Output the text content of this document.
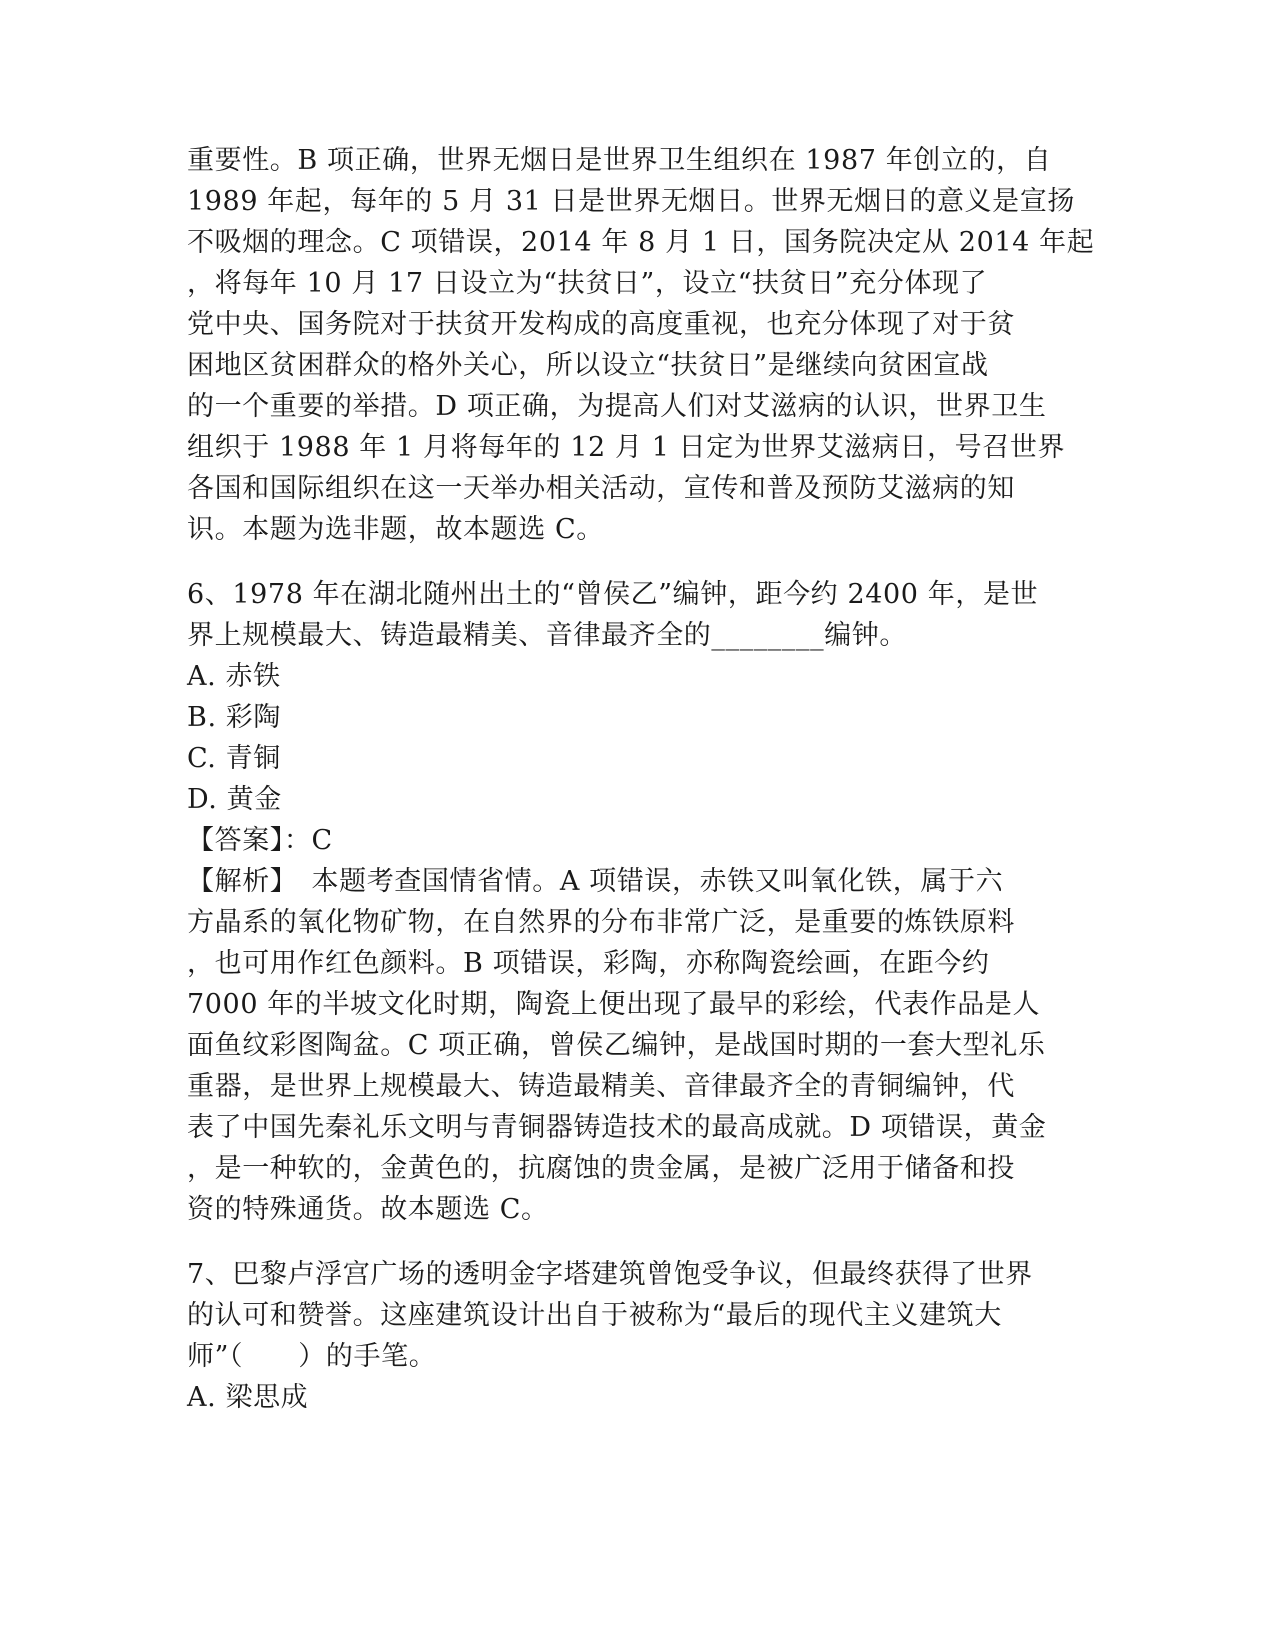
重要性。B 项正确，世界无烟日是世界卫生组织在 1987 年创立的，自
1989 年起，每年的 5 月 31 日是世界无烟日。世界无烟日的意义是宣扬
不吸烟的理念。C 项错误，2014 年 8 月 1 日，国务院决定从 2014 年起
，将每年 10 月 17 日设立为“扶贫日”，设立“扶贫日”充分体现了
党中央、国务院对于扶贫开发构成的高度重视，也充分体现了对于贫
困地区贫困群众的格外关心，所以设立“扶贫日”是继续向贫困宣战
的一个重要的举措。D 项正确，为提高人们对艾滋病的认识，世界卫生
组织于 1988 年 1 月将每年的 12 月 1 日定为世界艾滋病日，号召世界
各国和国际组织在这一天举办相关活动，宣传和普及预防艾滋病的知
识。本题为选非题，故本题选 C。
6、1978 年在湖北随州出土的“曾侯乙”编钟，距今约 2400 年，是世
界上规模最大、铸造最精美、音律最齐全的________编钟。
A. 赤铁
B. 彩陶
C. 青铜
D. 黄金
【答案】：C
【解析】　本题考查国情省情。A 项错误，赤铁又叫氧化铁，属于六
方晶系的氧化物矿物，在自然界的分布非常广泛，是重要的炼铁原料
，也可用作红色颜料。B 项错误，彩陶，亦称陶瓷绘画，在距今约
7000 年的半坡文化时期，陶瓷上便出现了最早的彩绘，代表作品是人
面鱼纹彩图陶盆。C 项正确，曾侯乙编钟，是战国时期的一套大型礼乐
重器，是世界上规模最大、铸造最精美、音律最齐全的青铜编钟，代
表了中国先秦礼乐文明与青铜器铸造技术的最高成就。D 项错误，黄金
，是一种软的，金黄色的，抗腐蚀的贵金属，是被广泛用于储备和投
资的特殊通货。故本题选 C。
7、巴黎卢浮宫广场的透明金字塔建筑曾饱受争议，但最终获得了世界
的认可和赞誉。这座建筑设计出自于被称为“最后的现代主义建筑大
师”（　　）的手笔。
A. 梁思成
